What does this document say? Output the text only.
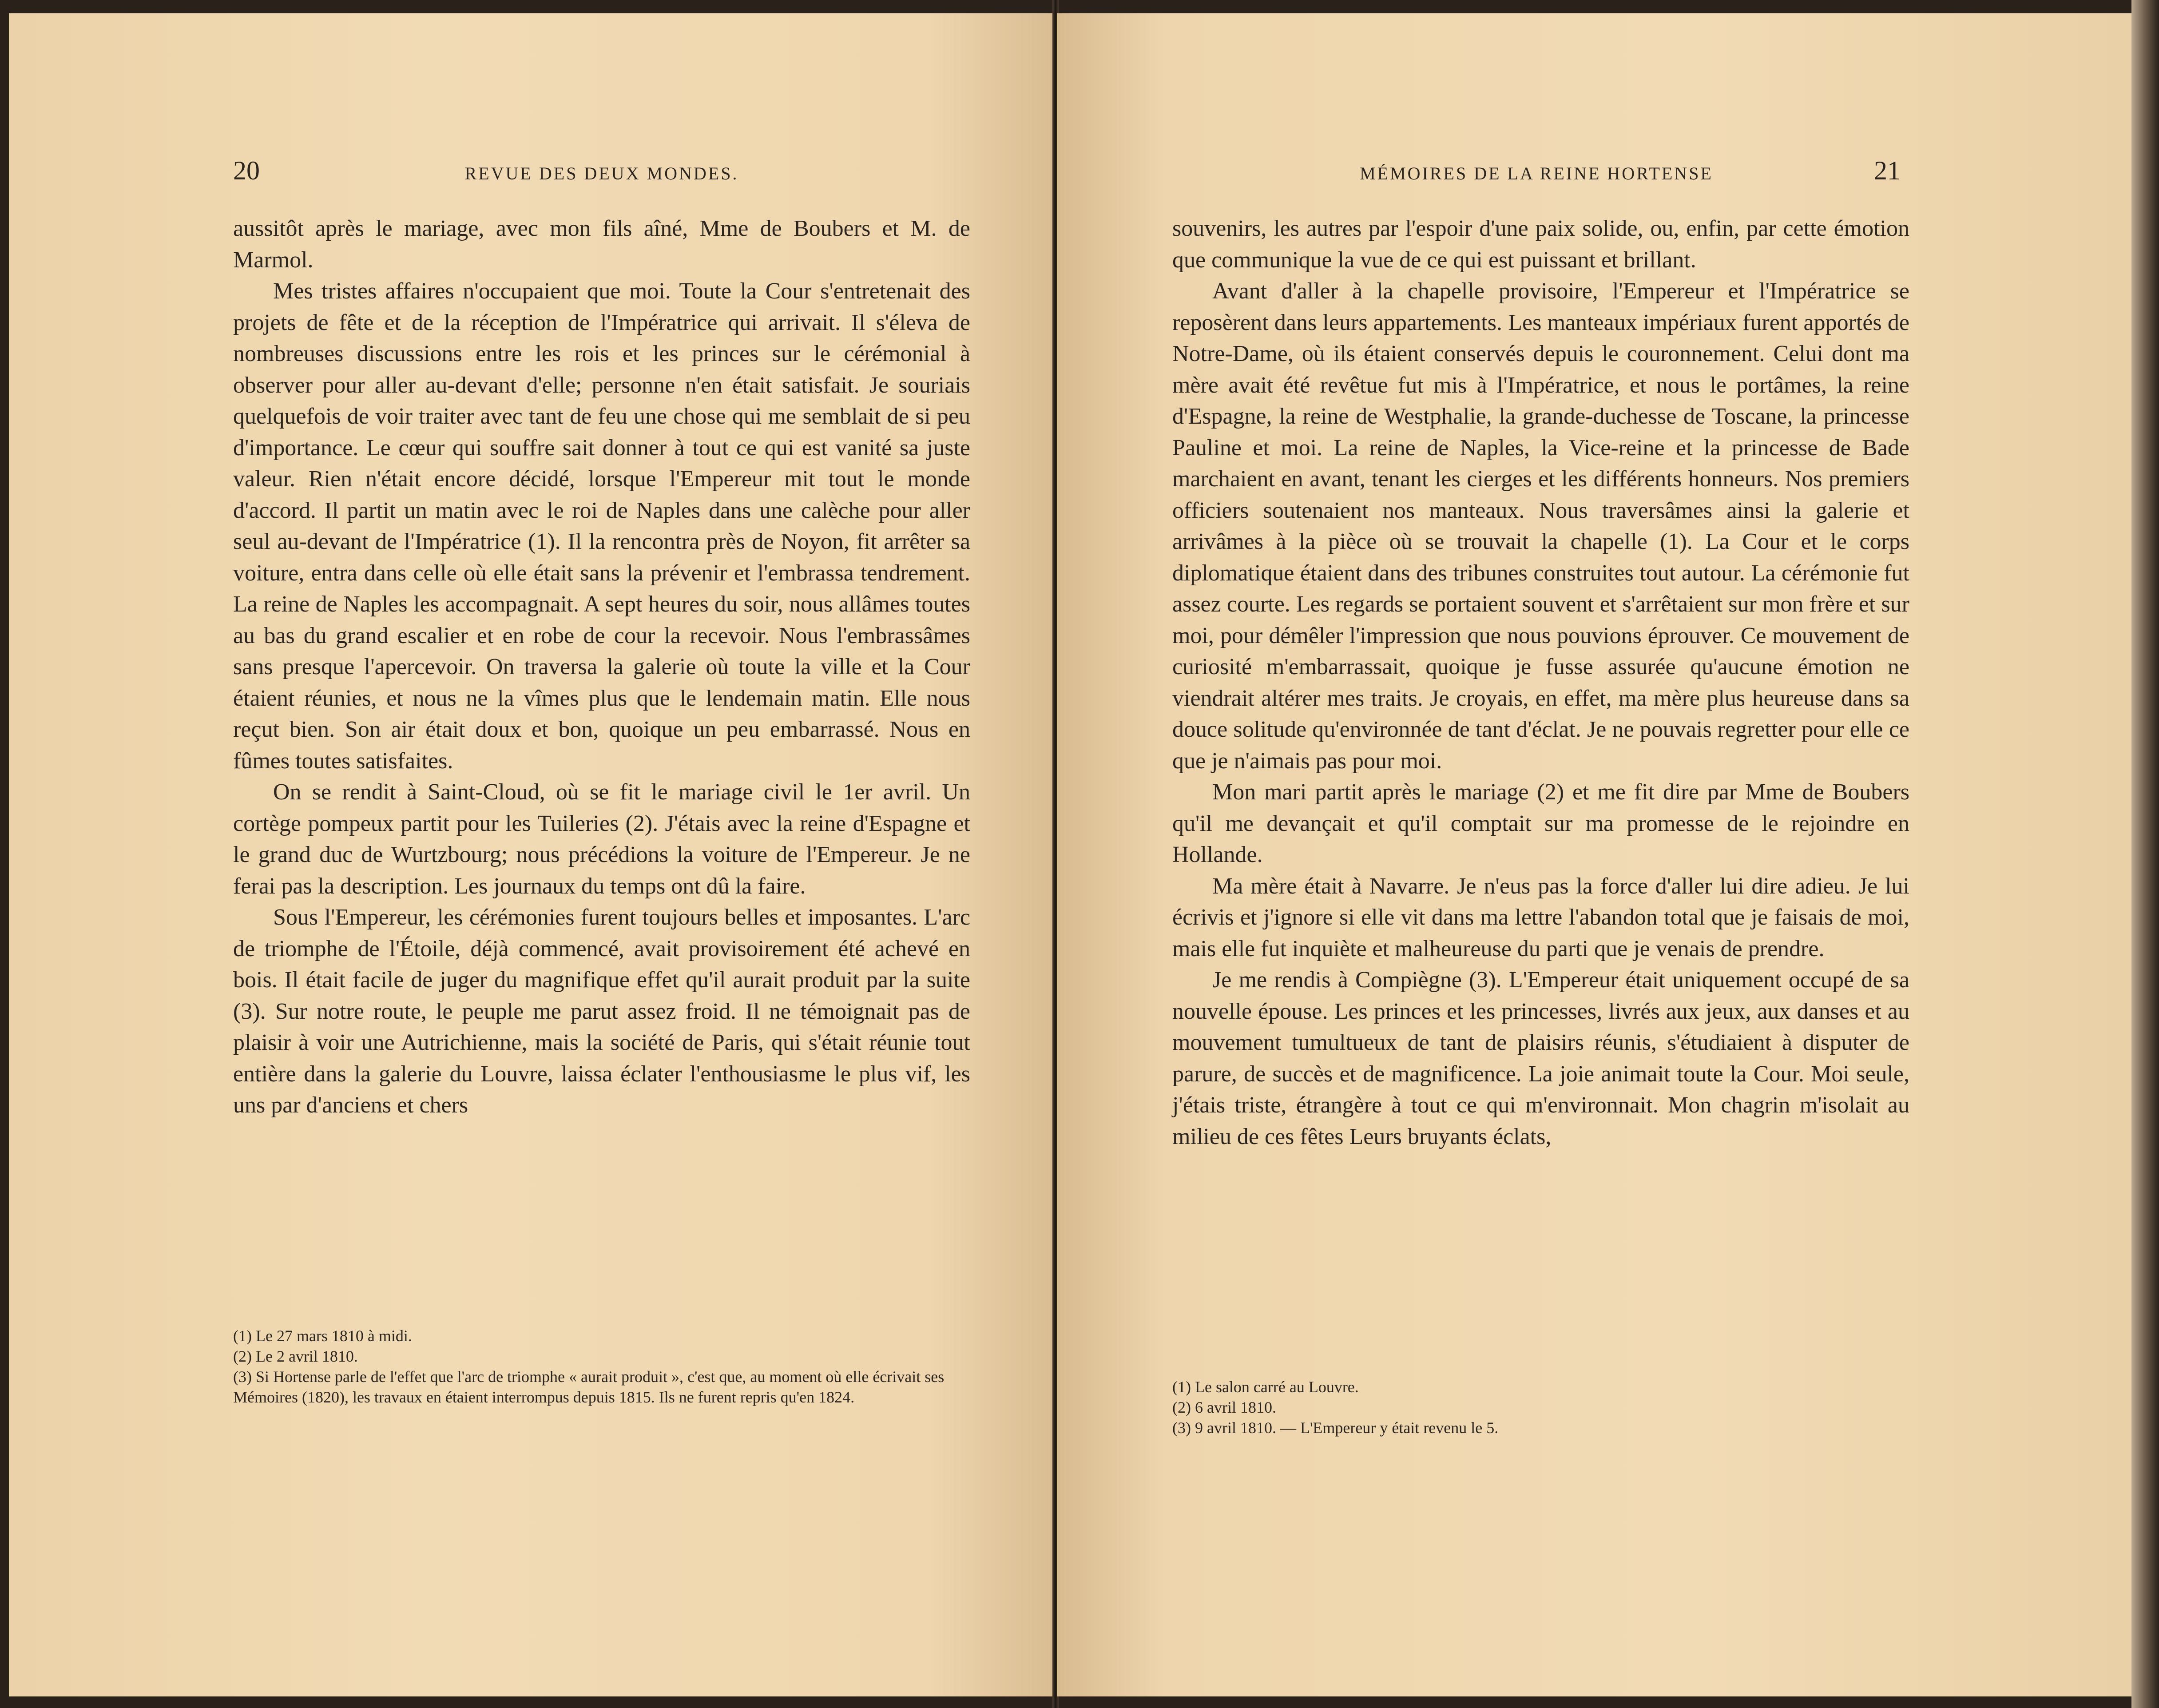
20	REVUE DES DEUX MONDES.

aussitôt après le mariage, avec mon fils aîné, Mme de Boubers et M. de Marmol.

Mes tristes affaires n'occupaient que moi. Toute la Cour s'entretenait des projets de fête et de la réception de l'Impératrice qui arrivait. Il s'éleva de nombreuses discussions entre les rois et les princes sur le cérémonial à observer pour aller au-devant d'elle; personne n'en était satisfait. Je souriais quelquefois de voir traiter avec tant de feu une chose qui me semblait de si peu d'importance. Le cœur qui souffre sait donner à tout ce qui est vanité sa juste valeur. Rien n'était encore décidé, lorsque l'Empereur mit tout le monde d'accord. Il partit un matin avec le roi de Naples dans une calèche pour aller seul au-devant de l'Impératrice (1). Il la rencontra près de Noyon, fit arrêter sa voiture, entra dans celle où elle était sans la prévenir et l'embrassa tendrement. La reine de Naples les accompagnait. A sept heures du soir, nous allâmes toutes au bas du grand escalier et en robe de cour la recevoir. Nous l'embrassâmes sans presque l'apercevoir. On traversa la galerie où toute la ville et la Cour étaient réunies, et nous ne la vîmes plus que le lendemain matin. Elle nous reçut bien. Son air était doux et bon, quoique un peu embarrassé. Nous en fûmes toutes satisfaites.

On se rendit à Saint-Cloud, où se fit le mariage civil le 1er avril. Un cortège pompeux partit pour les Tuileries (2). J'étais avec la reine d'Espagne et le grand duc de Wurtzbourg; nous précédions la voiture de l'Empereur. Je ne ferai pas la description. Les journaux du temps ont dû la faire.

Sous l'Empereur, les cérémonies furent toujours belles et imposantes. L'arc de triomphe de l'Étoile, déjà commencé, avait provisoirement été achevé en bois. Il était facile de juger du magnifique effet qu'il aurait produit par la suite (3). Sur notre route, le peuple me parut assez froid. Il ne témoignait pas de plaisir à voir une Autrichienne, mais la société de Paris, qui s'était réunie tout entière dans la galerie du Louvre, laissa éclater l'enthousiasme le plus vif, les uns par d'anciens et chers

(1) Le 27 mars 1810 à midi.
(2) Le 2 avril 1810.
(3) Si Hortense parle de l'effet que l'arc de triomphe « aurait produit », c'est que, au moment où elle écrivait ses Mémoires (1820), les travaux en étaient interrompus depuis 1815. Ils ne furent repris qu'en 1824.
MÉMOIRES DE LA REINE HORTENSE	21

souvenirs, les autres par l'espoir d'une paix solide, ou, enfin, par cette émotion que communique la vue de ce qui est puissant et brillant.

Avant d'aller à la chapelle provisoire, l'Empereur et l'Impératrice se reposèrent dans leurs appartements. Les manteaux impériaux furent apportés de Notre-Dame, où ils étaient conservés depuis le couronnement. Celui dont ma mère avait été revêtue fut mis à l'Impératrice, et nous le portâmes, la reine d'Espagne, la reine de Westphalie, la grande-duchesse de Toscane, la princesse Pauline et moi. La reine de Naples, la Vice-reine et la princesse de Bade marchaient en avant, tenant les cierges et les différents honneurs. Nos premiers officiers soutenaient nos manteaux. Nous traversâmes ainsi la galerie et arrivâmes à la pièce où se trouvait la chapelle (1). La Cour et le corps diplomatique étaient dans des tribunes construites tout autour. La cérémonie fut assez courte. Les regards se portaient souvent et s'arrêtaient sur mon frère et sur moi, pour démêler l'impression que nous pouvions éprouver. Ce mouvement de curiosité m'embarrassait, quoique je fusse assurée qu'aucune émotion ne viendrait altérer mes traits. Je croyais, en effet, ma mère plus heureuse dans sa douce solitude qu'environnée de tant d'éclat. Je ne pouvais regretter pour elle ce que je n'aimais pas pour moi.

Mon mari partit après le mariage (2) et me fit dire par Mme de Boubers qu'il me devançait et qu'il comptait sur ma promesse de le rejoindre en Hollande.

Ma mère était à Navarre. Je n'eus pas la force d'aller lui dire adieu. Je lui écrivis et j'ignore si elle vit dans ma lettre l'abandon total que je faisais de moi, mais elle fut inquiète et malheureuse du parti que je venais de prendre.

Je me rendis à Compiègne (3). L'Empereur était uniquement occupé de sa nouvelle épouse. Les princes et les princesses, livrés aux jeux, aux danses et au mouvement tumultueux de tant de plaisirs réunis, s'étudiaient à disputer de parure, de succès et de magnificence. La joie animait toute la Cour. Moi seule, j'étais triste, étrangère à tout ce qui m'environnait. Mon chagrin m'isolait au milieu de ces fêtes Leurs bruyants éclats,

(1) Le salon carré au Louvre.
(2) 6 avril 1810.
(3) 9 avril 1810. — L'Empereur y était revenu le 5.
